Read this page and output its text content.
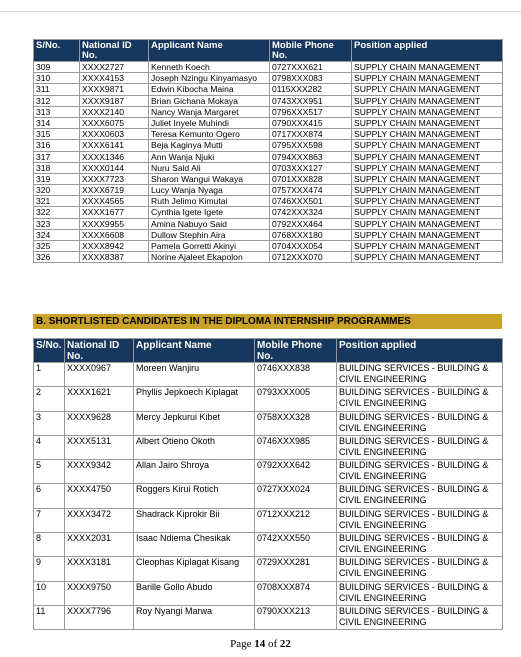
S/No.	National ID No.	Applicant Name	Mobile Phone No.	Position applied
309	XXXX2727	Kenneth Koech	0727XXX621	SUPPLY CHAIN MANAGEMENT
310	XXXX4153	Joseph Nzingu Kinyamasyo	0798XXX083	SUPPLY CHAIN MANAGEMENT
311	XXXX9871	Edwin Kibocha Maina	0115XXX282	SUPPLY CHAIN MANAGEMENT
312	XXXX9187	Brian Gichana Mokaya	0743XXX951	SUPPLY CHAIN MANAGEMENT
313	XXXX2140	Nancy Wanja Margaret	0796XXX517	SUPPLY CHAIN MANAGEMENT
314	XXXX6075	Juliet Inyele Muhindi	0790XXX415	SUPPLY CHAIN MANAGEMENT
315	XXXX0603	Teresa Kemunto Ogero	0717XXX874	SUPPLY CHAIN MANAGEMENT
316	XXXX6141	Beja Kaginya Mutti	0795XXX598	SUPPLY CHAIN MANAGEMENT
317	XXXX1346	Ann Wanja Njuki	0794XXX863	SUPPLY CHAIN MANAGEMENT
318	XXXX0144	Nuru Said Ali	0703XXX127	SUPPLY CHAIN MANAGEMENT
319	XXXX7723	Sharon Wangui Wakaya	0701XXX828	SUPPLY CHAIN MANAGEMENT
320	XXXX6719	Lucy Wanja Nyaga	0757XXX474	SUPPLY CHAIN MANAGEMENT
321	XXXX4565	Ruth Jelimo Kimutai	0746XXX501	SUPPLY CHAIN MANAGEMENT
322	XXXX1677	Cynthia Igete Igete	0742XXX324	SUPPLY CHAIN MANAGEMENT
323	XXXX9955	Amina Nabuyo Said	0792XXX464	SUPPLY CHAIN MANAGEMENT
324	XXXX6608	Dullow Stephin Aira	0768XXX180	SUPPLY CHAIN MANAGEMENT
325	XXXX8942	Pamela Gorretti Akinyi	0704XXX054	SUPPLY CHAIN MANAGEMENT
326	XXXX8387	Norine Ajaleet Ekapolon	0712XXX070	SUPPLY CHAIN MANAGEMENT
B. SHORTLISTED CANDIDATES IN THE DIPLOMA INTERNSHIP PROGRAMMES
S/No.	National ID No.	Applicant Name	Mobile Phone No.	Position applied
1	XXXX0967	Moreen Wanjiru	0746XXX838	BUILDING SERVICES - BUILDING & CIVIL ENGINEERING
2	XXXX1621	Phyllis Jepkoech Kiplagat	0793XXX005	BUILDING SERVICES - BUILDING & CIVIL ENGINEERING
3	XXXX9628	Mercy Jepkurui Kibet	0758XXX328	BUILDING SERVICES - BUILDING & CIVIL ENGINEERING
4	XXXX5131	Albert Otieno Okoth	0746XXX985	BUILDING SERVICES - BUILDING & CIVIL ENGINEERING
5	XXXX9342	Allan Jairo Shroya	0792XXX642	BUILDING SERVICES - BUILDING & CIVIL ENGINEERING
6	XXXX4750	Roggers Kirui Rotich	0727XXX024	BUILDING SERVICES - BUILDING & CIVIL ENGINEERING
7	XXXX3472	Shadrack Kiprokir Bii	0712XXX212	BUILDING SERVICES - BUILDING & CIVIL ENGINEERING
8	XXXX2031	Isaac Ndiema Chesikak	0742XXX550	BUILDING SERVICES - BUILDING & CIVIL ENGINEERING
9	XXXX3181	Cleophas Kiplagat Kisang	0729XXX281	BUILDING SERVICES - BUILDING & CIVIL ENGINEERING
10	XXXX9750	Barille Gollo Abudo	0708XXX874	BUILDING SERVICES - BUILDING & CIVIL ENGINEERING
11	XXXX7796	Roy Nyangi Marwa	0790XXX213	BUILDING SERVICES - BUILDING & CIVIL ENGINEERING
Page 14 of 22
